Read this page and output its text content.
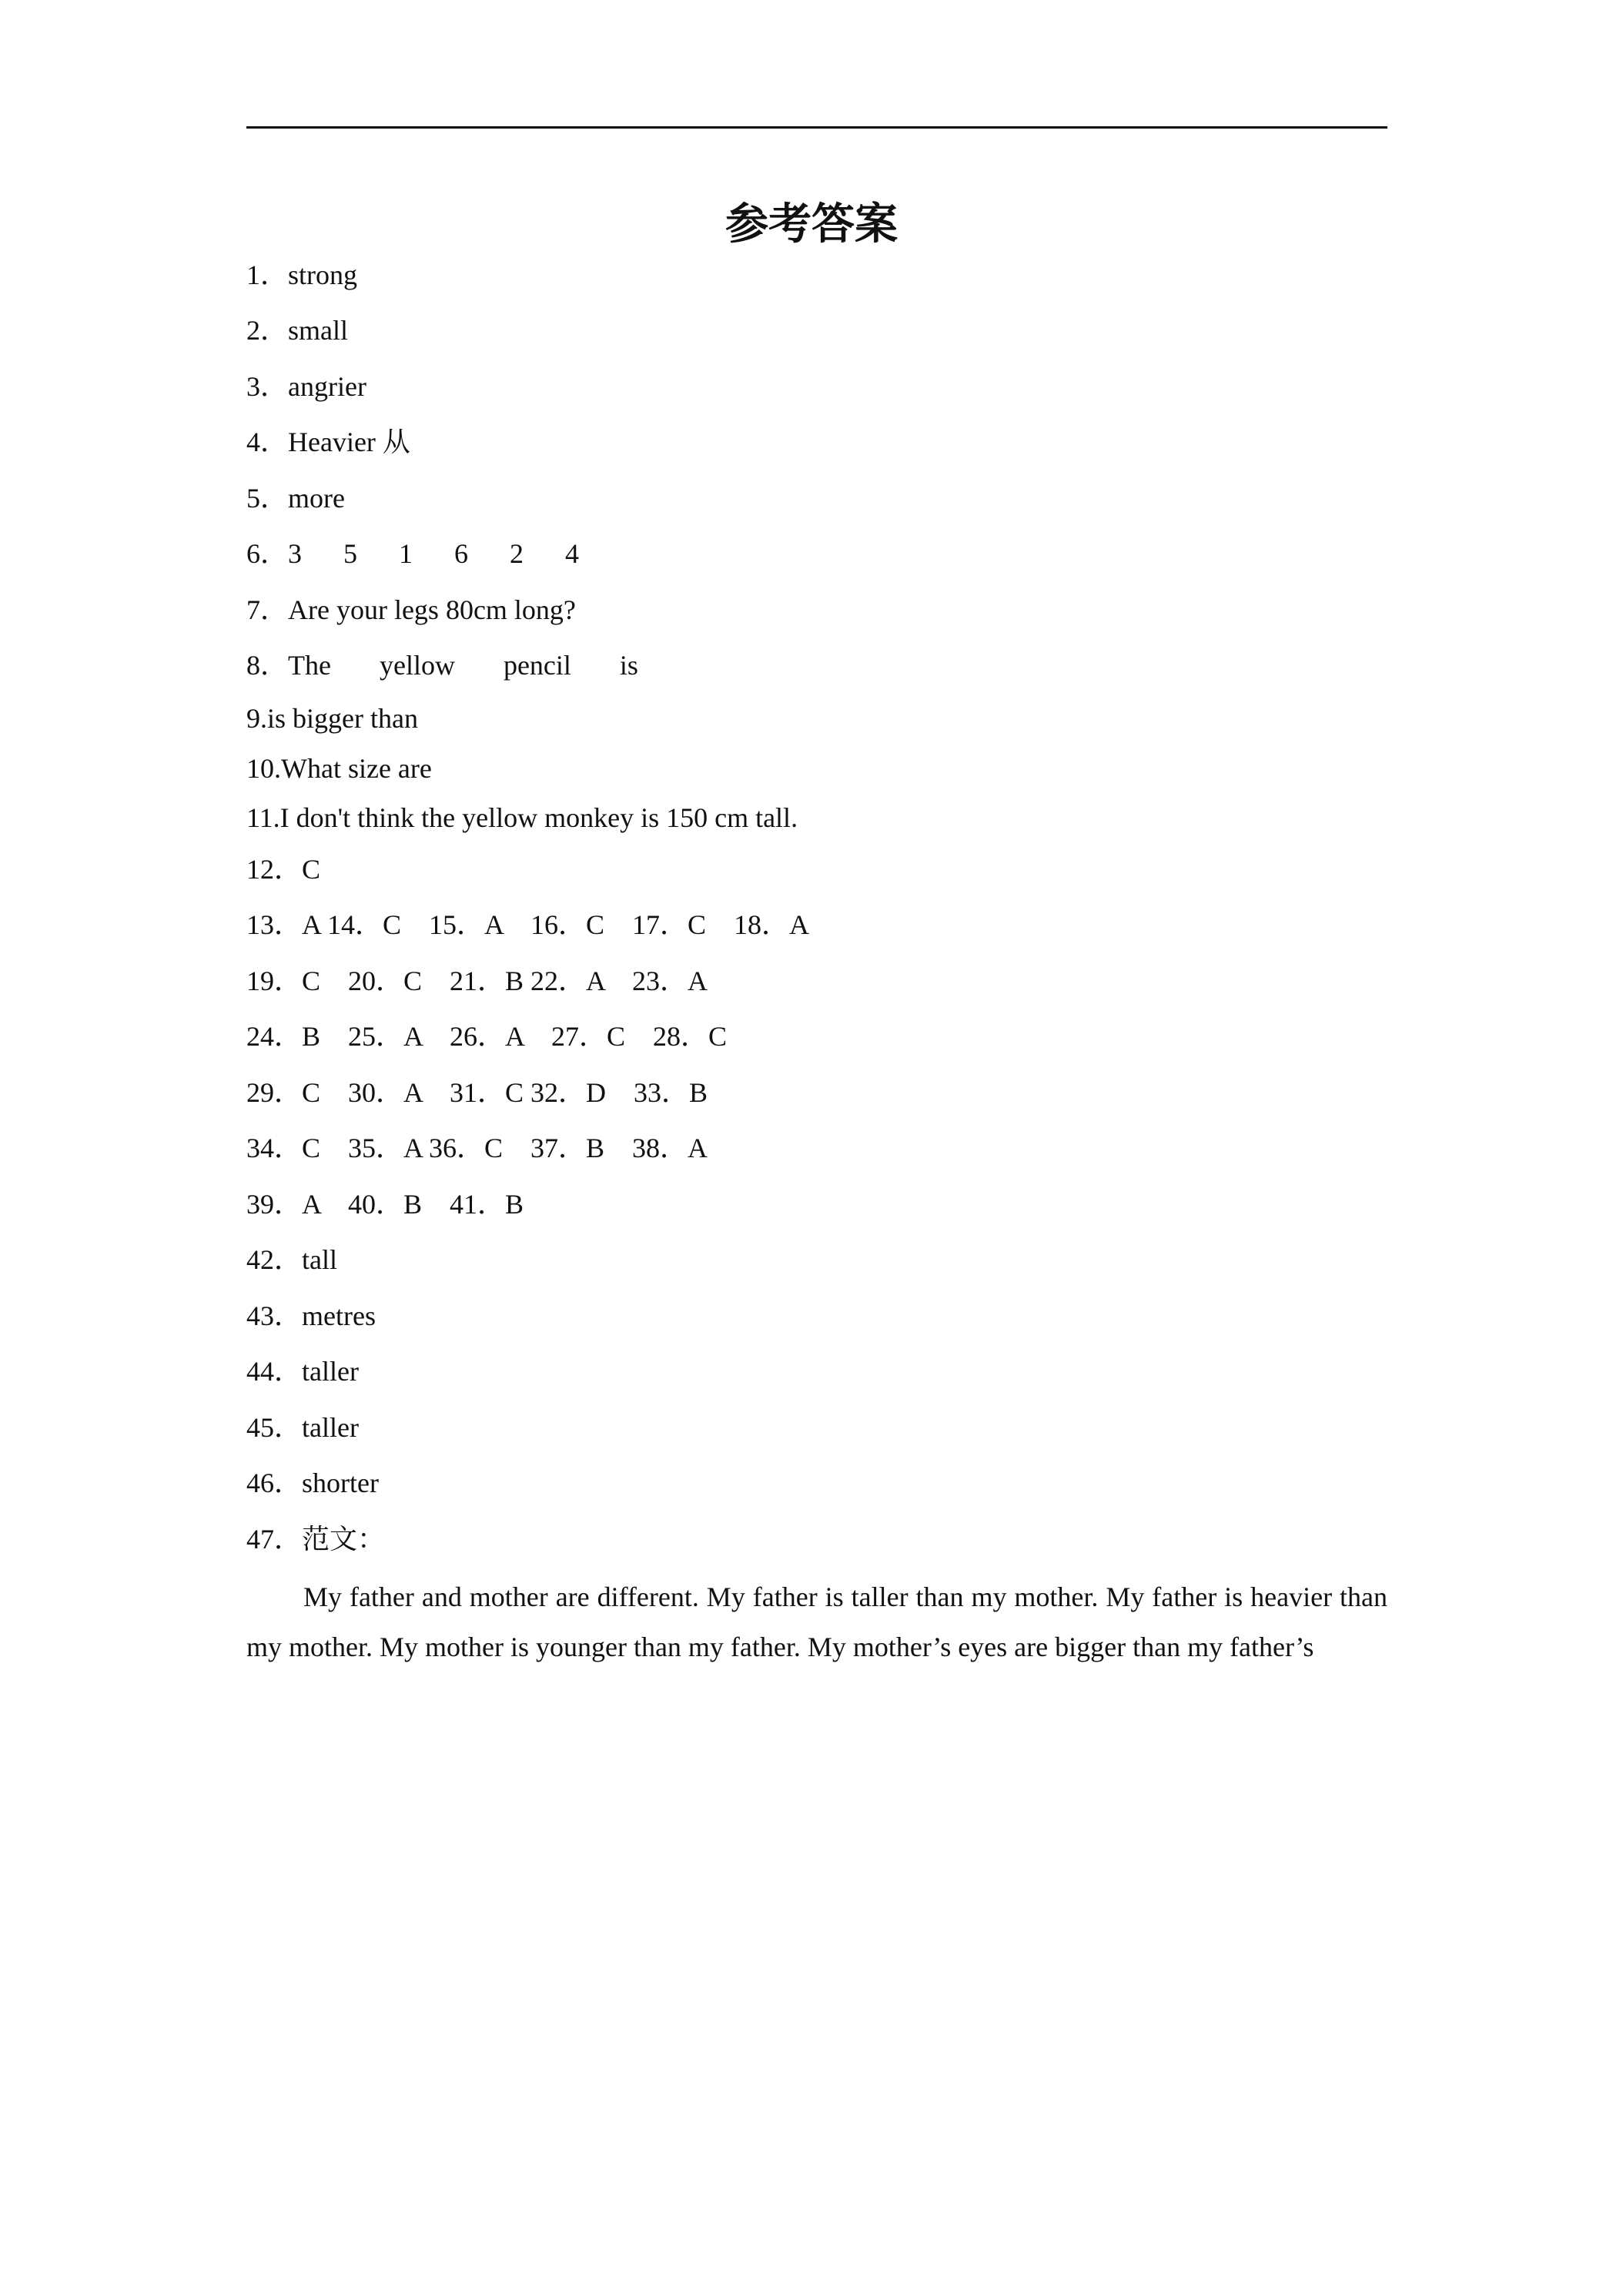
参考答案
1．strong
2．small
3．angrier
4．Heavier 从
5．more
6．3      5      1      6      2      4
7．Are your legs 80cm long?
8．The       yellow       pencil       is
9.is bigger than
10.What size are
11.I don't think the yellow monkey is 150 cm tall.
12．C
13．A 14．C    15．A    16．C    17．C    18．A
19．C    20．C    21．B 22．A    23．A
24．B    25．A    26．A    27．C    28．C
29．C    30．A    31．C 32．D    33．B
34．C    35．A 36．C    37．B    38．A
39．A    40．B    41．B
42．tall
43．metres
44．taller
45．taller
46．shorter
47．范文：
My father and mother are different. My father is taller than my mother. My father is heavier than my mother. My mother is younger than my father. My mother’s eyes are bigger than my father’s
